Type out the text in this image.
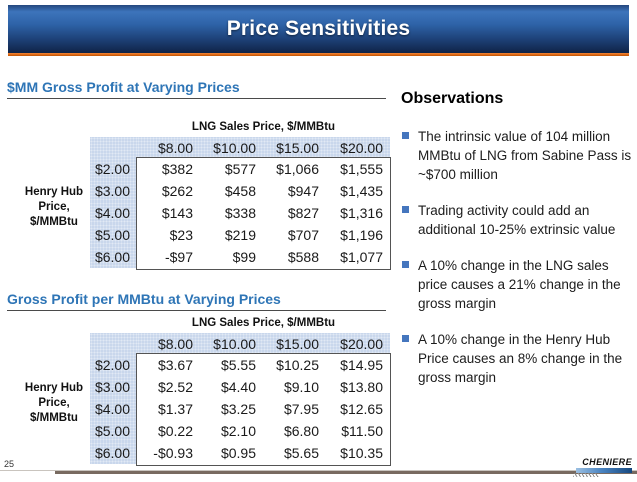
Price Sensitivities
$MM Gross Profit at Varying Prices
LNG Sales Price, $/MMBtu
Henry Hub
Price,
$/MMBtu
$8.00	$10.00	$15.00	$20.00
$2.00	$382	$577	$1,066	$1,555
$3.00	$262	$458	$947	$1,435
$4.00	$143	$338	$827	$1,316
$5.00	$23	$219	$707	$1,196
$6.00	-$97	$99	$588	$1,077
Gross Profit per MMBtu at Varying Prices
LNG Sales Price, $/MMBtu
Henry Hub
Price,
$/MMBtu
$8.00	$10.00	$15.00	$20.00
$2.00	$3.67	$5.55	$10.25	$14.95
$3.00	$2.52	$4.40	$9.10	$13.80
$4.00	$1.37	$3.25	$7.95	$12.65
$5.00	$0.22	$2.10	$6.80	$11.50
$6.00	-$0.93	$0.95	$5.65	$10.35
Observations
The intrinsic value of 104 million MMBtu of LNG from Sabine Pass is ~$700 million
Trading activity could add an additional 10-25% extrinsic value
A 10% change in the LNG sales price causes a 21% change in the gross margin
A 10% change in the Henry Hub Price causes an 8% change in the gross margin
25	CHENIERE
